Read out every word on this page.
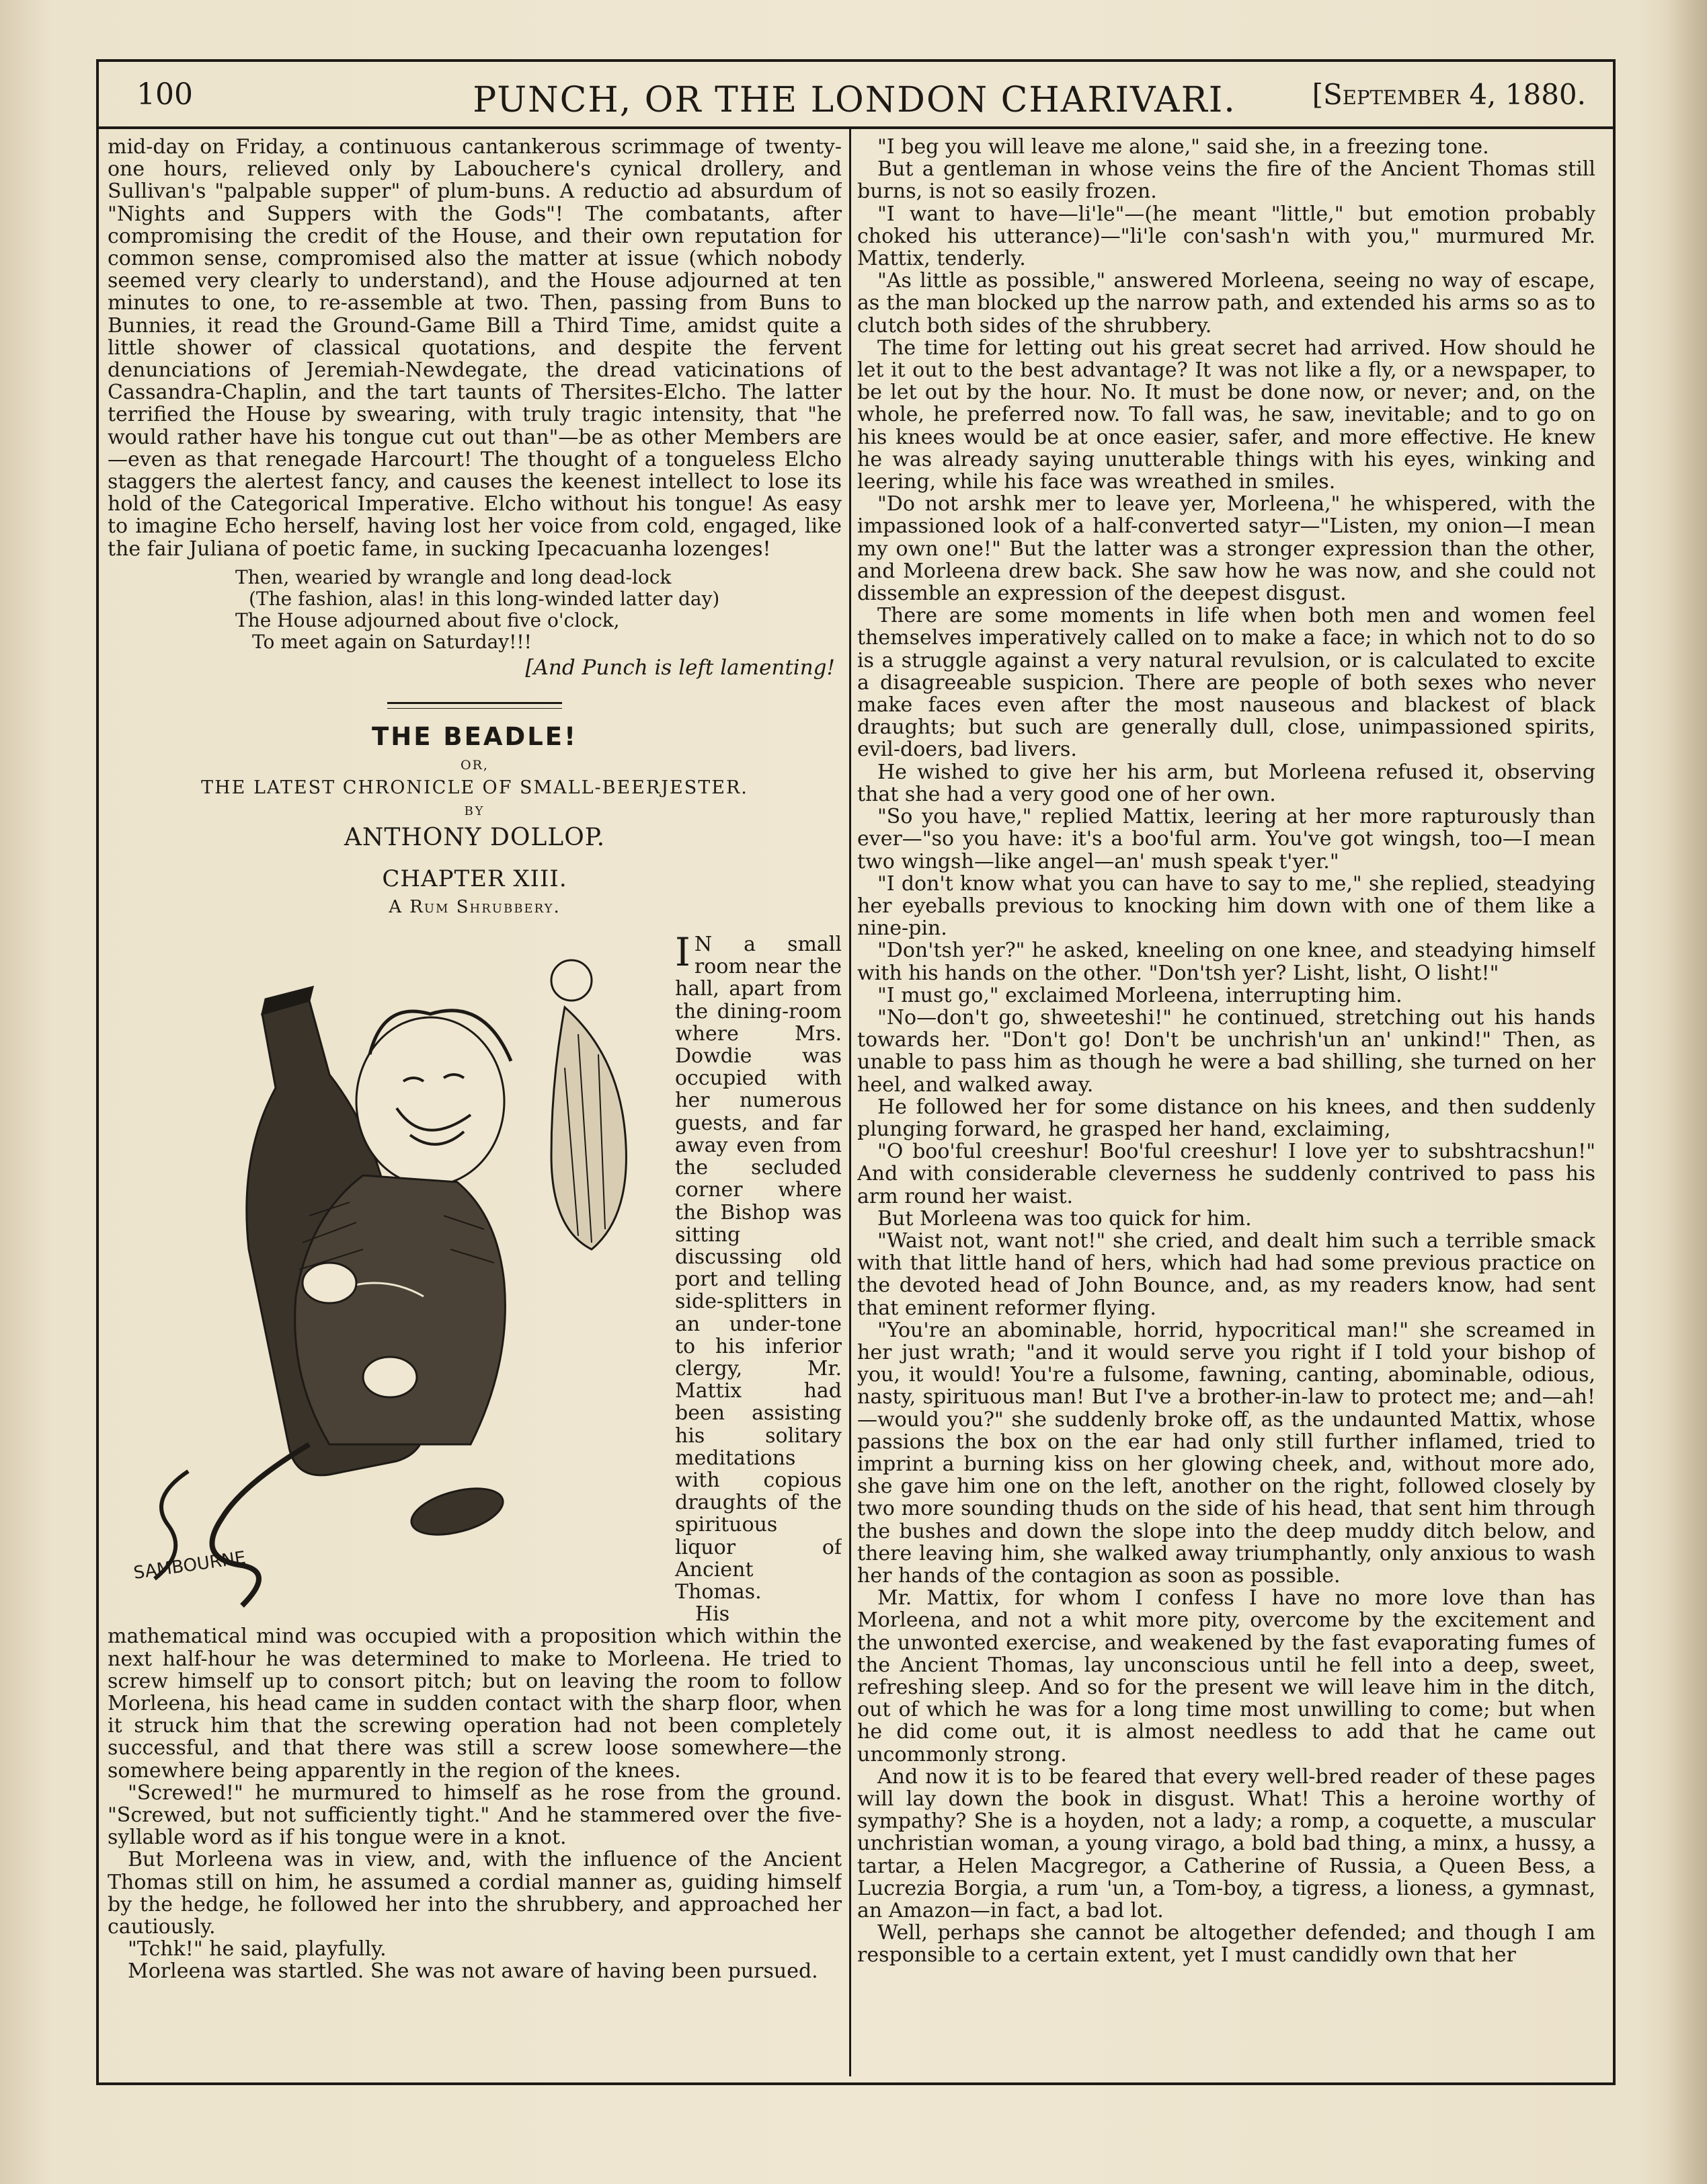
100	PUNCH, OR THE LONDON CHARIVARI.	[September 4, 1880.

mid-day on Friday, a continuous cantankerous scrimmage of twenty-one hours, relieved only by Labouchere's cynical drollery, and Sullivan's "palpable supper" of plum-buns. A reductio ad absurdum of "Nights and Suppers with the Gods"! The combatants, after compromising the credit of the House, and their own reputation for common sense, compromised also the matter at issue (which nobody seemed very clearly to understand), and the House adjourned at ten minutes to one, to re-assemble at two. Then, passing from Buns to Bunnies, it read the Ground-Game Bill a Third Time, amidst quite a little shower of classical quotations, and despite the fervent denunciations of Jeremiah-Newdegate, the dread vaticinations of Cassandra-Chaplin, and the tart taunts of Thersites-Elcho. The latter terrified the House by swearing, with truly tragic intensity, that "he would rather have his tongue cut out than"—be as other Members are—even as that renegade Harcourt! The thought of a tongueless Elcho staggers the alertest fancy, and causes the keenest intellect to lose its hold of the Categorical Imperative. Elcho without his tongue! As easy to imagine Echo herself, having lost her voice from cold, engaged, like the fair Juliana of poetic fame, in sucking Ipecacuanha lozenges!

Then, wearied by wrangle and long dead-lock
(The fashion, alas! in this long-winded latter day)
The House adjourned about five o'clock,
To meet again on Saturday!!!
[And Punch is left lamenting!
THE BEADLE!
OR,
THE LATEST CHRONICLE OF SMALL-BEERJESTER.
BY
ANTHONY DOLLOP.
CHAPTER XIII.
A Rum Shrubbery.
SAMBOURNE
I N a small room near the hall, apart from the dining-room where Mrs. Dowdie was occupied with her numerous guests, and far away even from the secluded corner where the Bishop was sitting discussing old port and telling side-splitters in an under-tone to his inferior clergy, Mr. Mattix had been assisting his solitary meditations with copious draughts of the spirituous liquor of Ancient Thomas.

His mathematical mind was occupied with a proposition which within the next half-hour he was determined to make to Morleena. He tried to screw himself up to consort pitch; but on leaving the room to follow Morleena, his head came in sudden contact with the sharp floor, when it struck him that the screwing operation had not been completely successful, and that there was still a screw loose somewhere—the somewhere being apparently in the region of the knees.

"Screwed!" he murmured to himself as he rose from the ground. "Screwed, but not sufficiently tight." And he stammered over the five-syllable word as if his tongue were in a knot.

But Morleena was in view, and, with the influence of the Ancient Thomas still on him, he assumed a cordial manner as, guiding himself by the hedge, he followed her into the shrubbery, and approached her cautiously.

"Tchk!" he said, playfully.

Morleena was startled. She was not aware of having been pursued.

"I beg you will leave me alone," said she, in a freezing tone.

But a gentleman in whose veins the fire of the Ancient Thomas still burns, is not so easily frozen.

"I want to have—li'le"—(he meant "little," but emotion probably choked his utterance)—"li'le con'sash'n with you," murmured Mr. Mattix, tenderly.

"As little as possible," answered Morleena, seeing no way of escape, as the man blocked up the narrow path, and extended his arms so as to clutch both sides of the shrubbery.

The time for letting out his great secret had arrived. How should he let it out to the best advantage? It was not like a fly, or a newspaper, to be let out by the hour. No. It must be done now, or never; and, on the whole, he preferred now. To fall was, he saw, inevitable; and to go on his knees would be at once easier, safer, and more effective. He knew he was already saying unutterable things with his eyes, winking and leering, while his face was wreathed in smiles.

"Do not arshk mer to leave yer, Morleena," he whispered, with the impassioned look of a half-converted satyr—"Listen, my onion—I mean my own one!" But the latter was a stronger expression than the other, and Morleena drew back. She saw how he was now, and she could not dissemble an expression of the deepest disgust.

There are some moments in life when both men and women feel themselves imperatively called on to make a face; in which not to do so is a struggle against a very natural revulsion, or is calculated to excite a disagreeable suspicion. There are people of both sexes who never make faces even after the most nauseous and blackest of black draughts; but such are generally dull, close, unimpassioned spirits, evil-doers, bad livers.

He wished to give her his arm, but Morleena refused it, observing that she had a very good one of her own.

"So you have," replied Mattix, leering at her more rapturously than ever—"so you have: it's a boo'ful arm. You've got wingsh, too—I mean two wingsh—like angel—an' mush speak t'yer."

"I don't know what you can have to say to me," she replied, steadying her eyeballs previous to knocking him down with one of them like a nine-pin.

"Don'tsh yer?" he asked, kneeling on one knee, and steadying himself with his hands on the other. "Don'tsh yer? Lisht, lisht, O lisht!"

"I must go," exclaimed Morleena, interrupting him.

"No—don't go, shweeteshi!" he continued, stretching out his hands towards her. "Don't go! Don't be unchrish'un an' unkind!" Then, as unable to pass him as though he were a bad shilling, she turned on her heel, and walked away.

He followed her for some distance on his knees, and then suddenly plunging forward, he grasped her hand, exclaiming,

"O boo'ful creeshur! Boo'ful creeshur! I love yer to subshtracshun!" And with considerable cleverness he suddenly contrived to pass his arm round her waist.

But Morleena was too quick for him.

"Waist not, want not!" she cried, and dealt him such a terrible smack with that little hand of hers, which had had some previous practice on the devoted head of John Bounce, and, as my readers know, had sent that eminent reformer flying.

"You're an abominable, horrid, hypocritical man!" she screamed in her just wrath; "and it would serve you right if I told your bishop of you, it would! You're a fulsome, fawning, canting, abominable, odious, nasty, spirituous man! But I've a brother-in-law to protect me; and—ah!—would you?" she suddenly broke off, as the undaunted Mattix, whose passions the box on the ear had only still further inflamed, tried to imprint a burning kiss on her glowing cheek, and, without more ado, she gave him one on the left, another on the right, followed closely by two more sounding thuds on the side of his head, that sent him through the bushes and down the slope into the deep muddy ditch below, and there leaving him, she walked away triumphantly, only anxious to wash her hands of the contagion as soon as possible.

Mr. Mattix, for whom I confess I have no more love than has Morleena, and not a whit more pity, overcome by the excitement and the unwonted exercise, and weakened by the fast evaporating fumes of the Ancient Thomas, lay unconscious until he fell into a deep, sweet, refreshing sleep. And so for the present we will leave him in the ditch, out of which he was for a long time most unwilling to come; but when he did come out, it is almost needless to add that he came out uncommonly strong.

And now it is to be feared that every well-bred reader of these pages will lay down the book in disgust. What! This a heroine worthy of sympathy? She is a hoyden, not a lady; a romp, a coquette, a muscular unchristian woman, a young virago, a bold bad thing, a minx, a hussy, a tartar, a Helen Macgregor, a Catherine of Russia, a Queen Bess, a Lucrezia Borgia, a rum 'un, a Tom-boy, a tigress, a lioness, a gymnast, an Amazon—in fact, a bad lot.

Well, perhaps she cannot be altogether defended; and though I am responsible to a certain extent, yet I must candidly own that her
